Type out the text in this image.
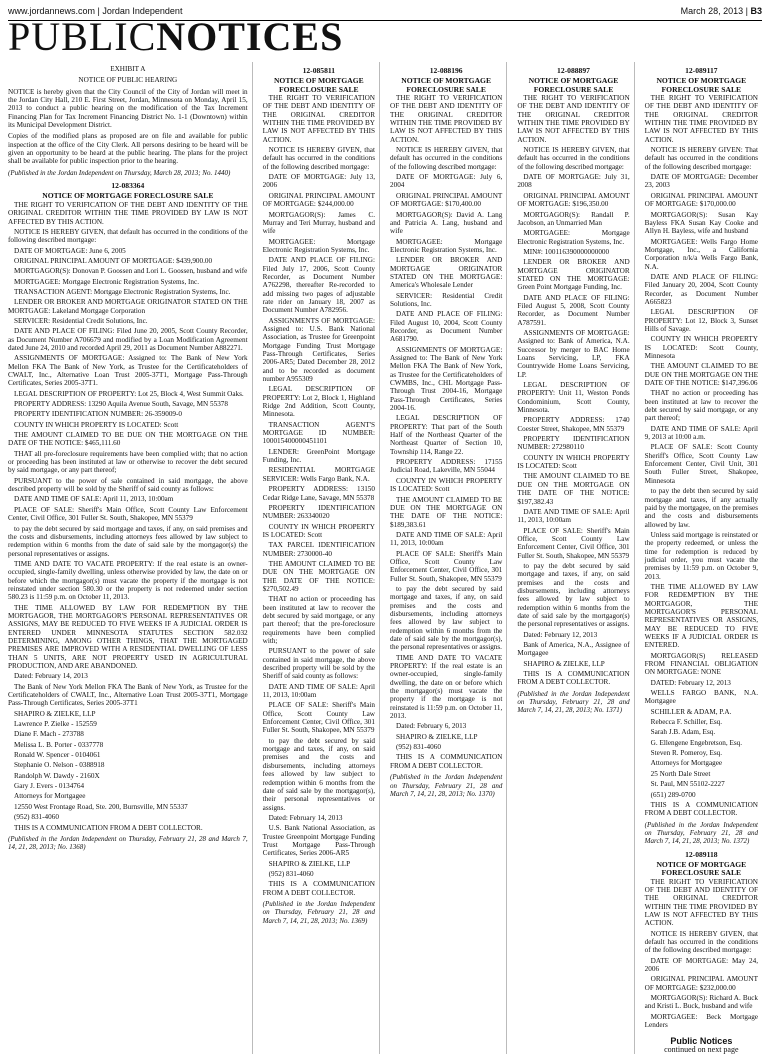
www.jordannews.com | Jordan Independent	March 28, 2013 | B3
PUBLICNOTICES
EXHIBIT A
NOTICE OF PUBLIC HEARING

NOTICE is hereby given that the City Council of the City of Jordan will meet in the Jordan City Hall, 210 E. First Street, Jordan, Minnesota on Monday, April 15, 2013 to conduct a public hearing on the modification of the Tax Increment Financing Plan for Tax Increment Financing District No. 1-1 (Downtown) within its Municipal Development District.

Copies of the modified plans as proposed are on file and available for public inspection at the office of the City Clerk. All persons desiring to be heard will be given an opportunity to be heard at the public hearing. The plans for the project shall be available for public inspection prior to the hearing.

(Published in the Jordan Independent on Thursday, March 28, 2013; No. 1440)

12-083364
NOTICE OF MORTGAGE FORECLOSURE SALE

THE RIGHT TO VERIFICATION OF THE DEBT AND IDENTITY OF THE ORIGINAL CREDITOR WITHIN THE TIME PROVIDED BY LAW IS NOT AFFECTED BY THIS ACTION.

NOTICE IS HEREBY GIVEN, that default has occurred in the conditions of the following described mortgage:

DATE OF MORTGAGE: June 6, 2005

ORIGINAL PRINCIPAL AMOUNT OF MORTGAGE: $439,900.00

MORTGAGOR(S): Donovan P. Goossen and Lori L. Goossen, husband and wife

MORTGAGEE: Mortgage Electronic Registration Systems, Inc.

TRANSACTION AGENT: Mortgage Electronic Registration Systems, Inc.

LENDER OR BROKER AND MORTGAGE ORIGINATOR STATED ON THE MORTGAGE: Lakeland Mortgage Corporation

SERVICER: Residential Credit Solutions, Inc.

DATE AND PLACE OF FILING: Filed June 20, 2005, Scott County Recorder, as Document Number A706679 and modified by a Loan Modification Agreement dated June 24, 2010 and recorded April 29, 2011 as Document Number A882271.

ASSIGNMENTS OF MORTGAGE: Assigned to: The Bank of New York Mellon FKA The Bank of New York, as Trustee for the Certificateholders of CWALT, Inc., Alternative Loan Trust 2005-37T1, Mortgage Pass-Through Certificates, Series 2005-37T1.

LEGAL DESCRIPTION OF PROPERTY: Lot 25, Block 4, West Summit Oaks.

PROPERTY ADDRESS: 13290 Aquila Avenue South, Savage, MN 55378

PROPERTY IDENTIFICATION NUMBER: 26-359009-0

COUNTY IN WHICH PROPERTY IS LOCATED: Scott

THE AMOUNT CLAIMED TO BE DUE ON THE MORTGAGE ON THE DATE OF THE NOTICE: $465,111.60

THAT all pre-foreclosure requirements have been complied with; that no action or proceeding has been instituted at law or otherwise to recover the debt secured by said mortgage, or any part thereof;

PURSUANT to the power of sale contained in said mortgage, the above described property will be sold by the Sheriff of said county as follows:

DATE AND TIME OF SALE: April 11, 2013, 10:00am

PLACE OF SALE: Sheriff's Main Office, Scott County Law Enforcement Center, Civil Office, 301 Fuller St. South, Shakopee, MN 55379

to pay the debt secured by said mortgage and taxes, if any, on said premises and the costs and disbursements, including attorneys fees allowed by law subject to redemption within 6 months from the date of said sale by the mortgagor(s) the personal representatives or assigns.

TIME AND DATE TO VACATE PROPERTY: If the real estate is an owner-occupied, single-family dwelling, unless otherwise provided by law, the date on or before which the mortgagor(s) must vacate the property if the mortgage is not reinstated under section 580.30 or the property is not redeemed under section 580.23 is 11:59 p.m. on October 11, 2013.

THE TIME ALLOWED BY LAW FOR REDEMPTION BY THE MORTGAGOR, THE MORTGAGOR'S PERSONAL REPRESENTATIVES OR ASSIGNS, MAY BE REDUCED TO FIVE WEEKS IF A JUDICIAL ORDER IS ENTERED UNDER MINNESOTA STATUTES SECTION 582.032 DETERMINING, AMONG OTHER THINGS, THAT THE MORTGAGED PREMISES ARE IMPROVED WITH A RESIDENTIAL DWELLING OF LESS THAN 5 UNITS, ARE NOT PROPERTY USED IN AGRICULTURAL PRODUCTION, AND ARE ABANDONED.

Dated: February 14, 2013

The Bank of New York Mellon FKA The Bank of New York, as Trustee for the Certificateholders of CWALT, Inc., Alternative Loan Trust 2005-37T1, Mortgage Pass-Through Certificates, Series 2005-37T1

SHAPIRO & ZIELKE, LLP

Lawrence P. Zielke - 152559

Diane F. Mach - 273788

Melissa L. B. Porter - 0337778

Ronald W. Spencer - 0104061

Stephanie O. Nelson - 0388918

Randolph W. Dawdy - 2160X

Gary J. Evers - 0134764

Attorneys for Mortgagee

12550 West Frontage Road, Ste. 200, Burnsville, MN 55337

(952) 831-4060

THIS IS A COMMUNICATION FROM A DEBT COLLECTOR.

(Published in the Jordan Independent on Thursday, February 21, 28 and March 7, 14, 21, 28, 2013; No. 1368)

12-085811
NOTICE OF MORTGAGE FORECLOSURE SALE

THE RIGHT TO VERIFICATION OF THE DEBT AND IDENTITY OF THE ORIGINAL CREDITOR WITHIN THE TIME PROVIDED BY LAW IS NOT AFFECTED BY THIS ACTION.

NOTICE IS HEREBY GIVEN, that default has occurred in the conditions of the following described mortgage:

DATE OF MORTGAGE: July 13, 2006

ORIGINAL PRINCIPAL AMOUNT OF MORTGAGE: $244,000.00

MORTGAGOR(S): James C. Murray and Teri Murray, husband and wife

MORTGAGEE: Mortgage Electronic Registration Systems, Inc.

DATE AND PLACE OF FILING: Filed July 17, 2006, Scott County Recorder, as Document Number A762298, thereafter Re-recorded to add missing two pages of adjustable rate rider on January 18, 2007 as Document Number A782956.

ASSIGNMENTS OF MORTGAGE: Assigned to: U.S. Bank National Association, as Trustee for Greenpoint Mortgage Funding Trust Mortgage Pass-Through Certificates, Series 2006-AR5; Dated December 28, 2012 and to be recorded as document number A955309

LEGAL DESCRIPTION OF PROPERTY: Lot 2, Block 1, Highland Ridge 2nd Addition, Scott County, Minnesota.

TRANSACTION AGENT'S MORTGAGE ID NUMBER: 100015400000451101

LENDER: GreenPoint Mortgage Funding, Inc.

RESIDENTIAL MORTGAGE SERVICER: Wells Fargo Bank, N.A.

PROPERTY ADDRESS: 13150 Cedar Ridge Lane, Savage, MN 55378

PROPERTY IDENTIFICATION NUMBER: 263340020

COUNTY IN WHICH PROPERTY IS LOCATED: Scott

TAX PARCEL IDENTIFICATION NUMBER: 2730000-40

THE AMOUNT CLAIMED TO BE DUE ON THE MORTGAGE ON THE DATE OF THE NOTICE: $270,502.49

THAT no action or proceeding has been instituted at law to recover the debt secured by said mortgage, or any part thereof; that the pre-foreclosure requirements have been complied with;

PURSUANT to the power of sale contained in said mortgage, the above described property will be sold by the Sheriff of said county as follows:

DATE AND TIME OF SALE: April 11, 2013, 10:00am

PLACE OF SALE: Sheriff's Main Office, Scott County Law Enforcement Center, Civil Office, 301 Fuller St. South, Shakopee, MN 55379

to pay the debt secured by said mortgage and taxes, if any, on said premises and the costs and disbursements, including attorneys fees allowed by law subject to redemption within 6 months from the date of said sale by the mortgagor(s), their personal representatives or assigns.

Dated: February 14, 2013

U.S. Bank National Association, as Trustee Greenpoint Mortgage Funding Trust Mortgage Pass-Through Certificates, Series 2006-AR5

SHAPIRO & ZIELKE, LLP

(952) 831-4060

THIS IS A COMMUNICATION FROM A DEBT COLLECTOR.

(Published in the Jordan Independent on Thursday, February 21, 28 and March 7, 14, 21, 28, 2013; No. 1369)

12-088196
NOTICE OF MORTGAGE FORECLOSURE SALE

THE RIGHT TO VERIFICATION OF THE DEBT AND IDENTITY OF THE ORIGINAL CREDITOR WITHIN THE TIME PROVIDED BY LAW IS NOT AFFECTED BY THIS ACTION.

NOTICE IS HEREBY GIVEN, that default has occurred in the conditions of the following described mortgage:

DATE OF MORTGAGE: July 6, 2004

ORIGINAL PRINCIPAL AMOUNT OF MORTGAGE: $170,400.00

MORTGAGOR(S): David A. Lang and Patricia A. Lang, husband and wife

MORTGAGEE: Mortgage Electronic Registration Systems, Inc.

LENDER OR BROKER AND MORTGAGE ORIGINATOR STATED ON THE MORTGAGE: America's Wholesale Lender

SERVICER: Residential Credit Solutions, Inc.

DATE AND PLACE OF FILING: Filed August 10, 2004, Scott County Recorder, as Document Number A681790.

ASSIGNMENTS OF MORTGAGE: Assigned to: The Bank of New York Mellon FKA The Bank of New York, as Trustee for the Certificateholders of CWMBS, Inc., CHL Mortgage Pass-Through Trust 2004-16, Mortgage Pass-Through Certificates, Series 2004-16.

LEGAL DESCRIPTION OF PROPERTY: That part of the South Half of the Northeast Quarter of the Northeast Quarter of Section 10, Township 114, Range 22.

PROPERTY ADDRESS: 17155 Judicial Road, Lakeville, MN 55044

COUNTY IN WHICH PROPERTY IS LOCATED: Scott

THE AMOUNT CLAIMED TO BE DUE ON THE MORTGAGE ON THE DATE OF THE NOTICE: $189,383.61

DATE AND TIME OF SALE: April 11, 2013, 10:00am

PLACE OF SALE: Sheriff's Main Office, Scott County Law Enforcement Center, Civil Office, 301 Fuller St. South, Shakopee, MN 55379

to pay the debt secured by said mortgage and taxes, if any, on said premises and the costs and disbursements, including attorneys fees allowed by law subject to redemption within 6 months from the date of said sale by the mortgagor(s), the personal representatives or assigns.

TIME AND DATE TO VACATE PROPERTY: If the real estate is an owner-occupied, single-family dwelling, the date on or before which the mortgagor(s) must vacate the property if the mortgage is not reinstated is 11:59 p.m. on October 11, 2013.

Dated: February 6, 2013

SHAPIRO & ZIELKE, LLP

(952) 831-4060

THIS IS A COMMUNICATION FROM A DEBT COLLECTOR.

(Published in the Jordan Independent on Thursday, February 21, 28 and March 7, 14, 21, 28, 2013; No. 1370)

12-088897
NOTICE OF MORTGAGE FORECLOSURE SALE

THE RIGHT TO VERIFICATION OF THE DEBT AND IDENTITY OF THE ORIGINAL CREDITOR WITHIN THE TIME PROVIDED BY LAW IS NOT AFFECTED BY THIS ACTION.

NOTICE IS HEREBY GIVEN, that default has occurred in the conditions of the following described mortgage:

DATE OF MORTGAGE: July 31, 2008

ORIGINAL PRINCIPAL AMOUNT OF MORTGAGE: $196,350.00

MORTGAGOR(S): Randall P. Jacobson, an Unmarried Man

MORTGAGEE: Mortgage Electronic Registration Systems, Inc.

MIN#: 100116390000000000

LENDER OR BROKER AND MORTGAGE ORIGINATOR STATED ON THE MORTGAGE: Green Point Mortgage Funding, Inc.

DATE AND PLACE OF FILING: Filed August 5, 2008, Scott County Recorder, as Document Number A787591.

ASSIGNMENTS OF MORTGAGE: Assigned to: Bank of America, N.A. Successor by merger to BAC Home Loans Servicing, LP, FKA Countrywide Home Loans Servicing, LP.

LEGAL DESCRIPTION OF PROPERTY: Unit 11, Weston Ponds Condominium, Scott County, Minnesota.

PROPERTY ADDRESS: 1740 Coester Street, Shakopee, MN 55379

PROPERTY IDENTIFICATION NUMBER: 272980110

COUNTY IN WHICH PROPERTY IS LOCATED: Scott

THE AMOUNT CLAIMED TO BE DUE ON THE MORTGAGE ON THE DATE OF THE NOTICE: $197,382.43

DATE AND TIME OF SALE: April 11, 2013, 10:00am

PLACE OF SALE: Sheriff's Main Office, Scott County Law Enforcement Center, Civil Office, 301 Fuller St. South, Shakopee, MN 55379

to pay the debt secured by said mortgage and taxes, if any, on said premises and the costs and disbursements, including attorneys fees allowed by law subject to redemption within 6 months from the date of said sale by the mortgagor(s) the personal representatives or assigns.

Dated: February 12, 2013

Bank of America, N.A., Assignee of Mortgagee

SHAPIRO & ZIELKE, LLP

THIS IS A COMMUNICATION FROM A DEBT COLLECTOR.

(Published in the Jordan Independent on Thursday, February 21, 28 and March 7, 14, 21, 28, 2013; No. 1371)

12-089117
NOTICE OF MORTGAGE FORECLOSURE SALE

THE RIGHT TO VERIFICATION OF THE DEBT AND IDENTITY OF THE ORIGINAL CREDITOR WITHIN THE TIME PROVIDED BY LAW IS NOT AFFECTED BY THIS ACTION.

NOTICE IS HEREBY GIVEN: That default has occurred in the conditions of the following described mortgage:

DATE OF MORTGAGE: December 23, 2003

ORIGINAL PRINCIPAL AMOUNT OF MORTGAGE: $170,000.00

MORTGAGOR(S): Susan Kay Bayless FKA Susan Kay Cooke and Allyn H. Bayless, wife and husband

MORTGAGEE: Wells Fargo Home Mortgage, Inc., a California Corporation n/k/a Wells Fargo Bank, N.A.

DATE AND PLACE OF FILING: Filed January 20, 2004, Scott County Recorder, as Document Number A665823

LEGAL DESCRIPTION OF PROPERTY: Lot 12, Block 3, Sunset Hills of Savage.

COUNTY IN WHICH PROPERTY IS LOCATED: Scott County, Minnesota

THE AMOUNT CLAIMED TO BE DUE ON THE MORTGAGE ON THE DATE OF THE NOTICE: $147,396.06

THAT no action or proceeding has been instituted at law to recover the debt secured by said mortgage, or any part thereof;

DATE AND TIME OF SALE: April 9, 2013 at 10:00 a.m.

PLACE OF SALE: Scott County Sheriff's Office, Scott County Law Enforcement Center, Civil Unit, 301 South Fuller Street, Shakopee, Minnesota

to pay the debt then secured by said mortgage and taxes, if any actually paid by the mortgagee, on the premises and the costs and disbursements allowed by law.

Unless said mortgage is reinstated or the property redeemed, or unless the time for redemption is reduced by judicial order, you must vacate the premises by 11:59 p.m. on October 9, 2013.

THE TIME ALLOWED BY LAW FOR REDEMPTION BY THE MORTGAGOR, THE MORTGAGOR'S PERSONAL REPRESENTATIVES OR ASSIGNS, MAY BE REDUCED TO FIVE WEEKS IF A JUDICIAL ORDER IS ENTERED.

MORTGAGOR(S) RELEASED FROM FINANCIAL OBLIGATION ON MORTGAGE: NONE

DATED: February 12, 2013

WELLS FARGO BANK, N.A. Mortgagee

SCHILLER & ADAM, P.A.

Rebecca F. Schiller, Esq.

Sarah J.B. Adam, Esq.

G. Ellengene Engebretson, Esq.

Steven R. Pomeroy, Esq.

Attorneys for Mortgagee

25 North Dale Street

St. Paul, MN 55102-2227

(651) 289-0700

THIS IS A COMMUNICATION FROM A DEBT COLLECTOR.

(Published in the Jordan Independent on Thursday, February 21, 28 and March 7, 14, 21, 28, 2013; No. 1372)

12-089118
NOTICE OF MORTGAGE FORECLOSURE SALE

THE RIGHT TO VERIFICATION OF THE DEBT AND IDENTITY OF THE ORIGINAL CREDITOR WITHIN THE TIME PROVIDED BY LAW IS NOT AFFECTED BY THIS ACTION.

NOTICE IS HEREBY GIVEN, that default has occurred in the conditions of the following described mortgage:

DATE OF MORTGAGE: May 24, 2006

ORIGINAL PRINCIPAL AMOUNT OF MORTGAGE: $232,000.00

MORTGAGOR(S): Richard A. Buck and Kristi L. Buck, husband and wife

MORTGAGEE: Beck Mortgage Lenders

Public Notices
continued on next page
